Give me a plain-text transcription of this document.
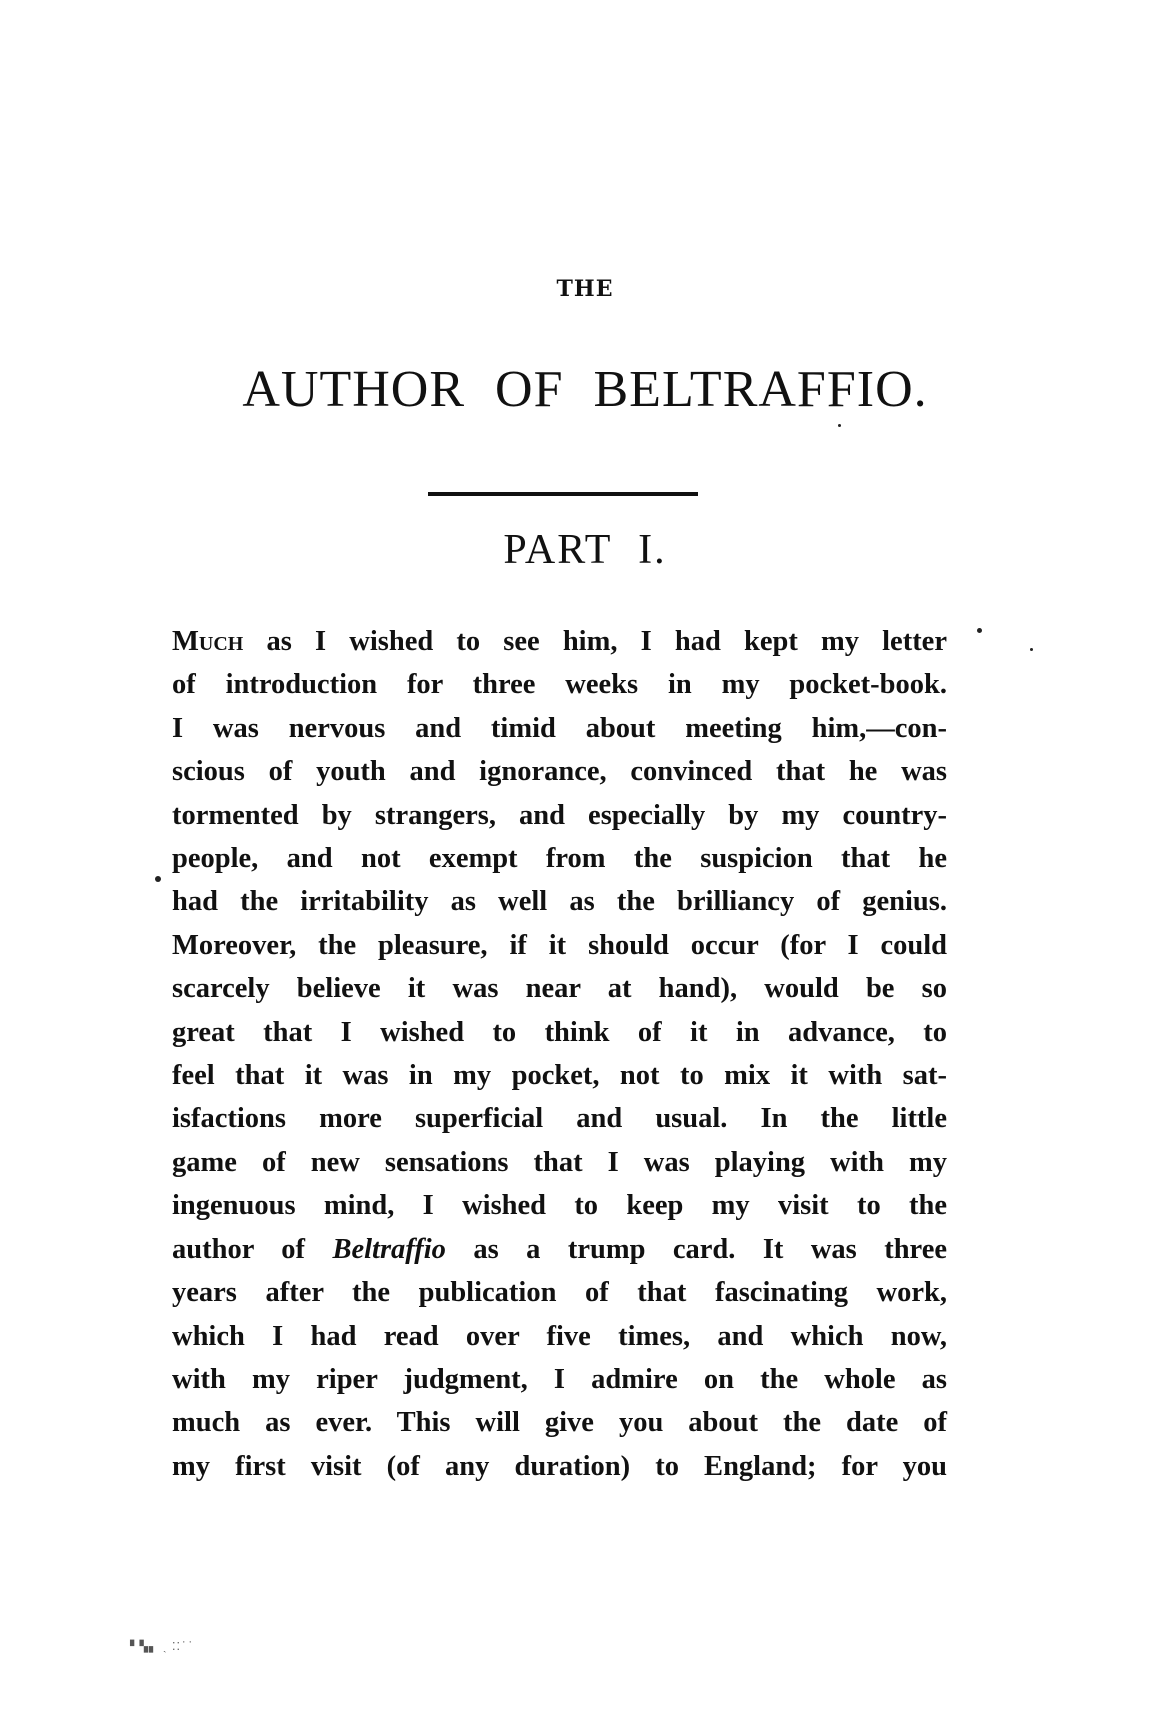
THE
AUTHOR OF BELTRAFFIO.
PART I.
Much as I wished to see him, I had kept my letter
of introduction for three weeks in my pocket-book.
I was nervous and timid about meeting him,—con-
scious of youth and ignorance, convinced that he was
tormented by strangers, and especially by my country-
people, and not exempt from the suspicion that he
had the irritability as well as the brilliancy of genius.
Moreover, the pleasure, if it should occur (for I could
scarcely believe it was near at hand), would be so
great that I wished to think of it in advance, to
feel that it was in my pocket, not to mix it with sat-
isfactions more superficial and usual. In the little
game of new sensations that I was playing with my
ingenuous mind, I wished to keep my visit to the
author of Beltraffio as a trump card. It was three
years after the publication of that fascinating work,
which I had read over five times, and which now,
with my riper judgment, I admire on the whole as
much as ever. This will give you about the date of
my first visit (of any duration) to England; for you
▘▚▖ ˏ ⁚⁚˙˙
